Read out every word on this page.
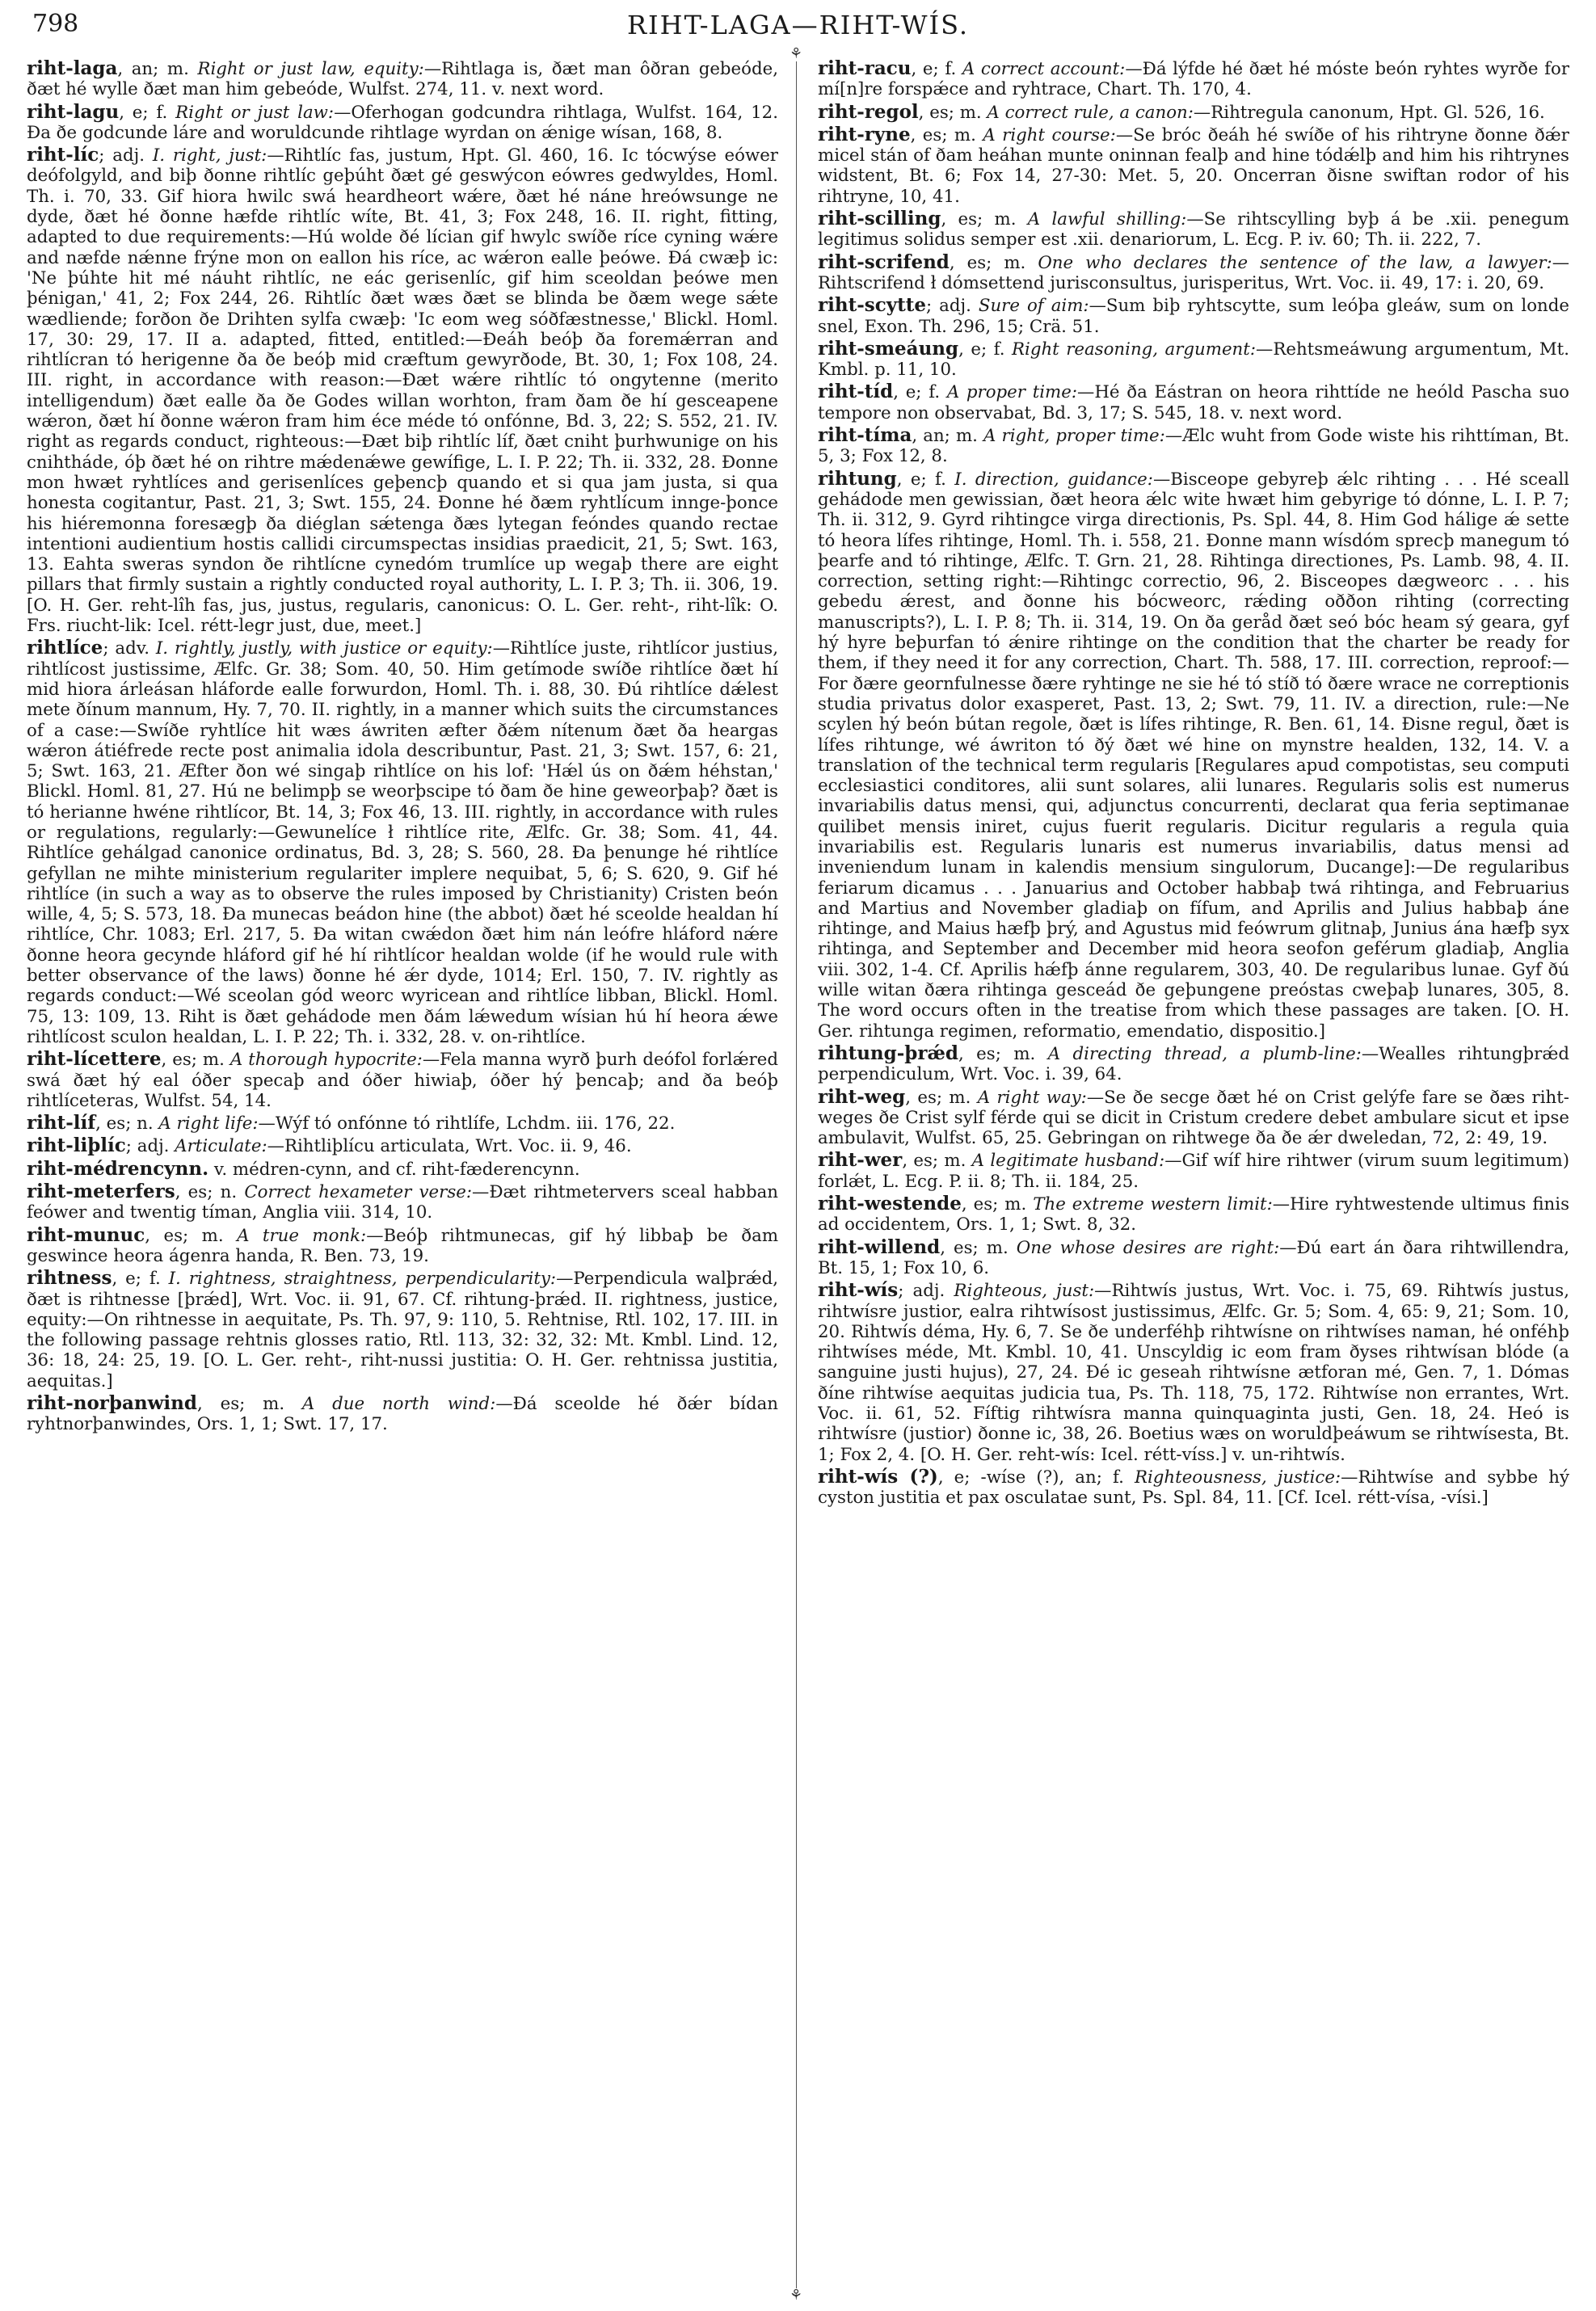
798	RIHT-LAGA—RIHT-WÍS.
⚘
⚘
riht-laga, an; m. Right or just law, equity:—Rihtlaga is, ðæt man ôðran gebeóde, ðæt hé wylle ðæt man him gebeóde, Wulfst. 274, 11. v. next word.
riht-lagu, e; f. Right or just law:—Oferhogan godcundra rihtlaga, Wulfst. 164, 12. Ða ðe godcunde láre and woruldcunde rihtlage wyrdan on ǽnige wísan, 168, 8.
riht-líc; adj. I. right, just:—Rihtlíc fas, justum, Hpt. Gl. 460, 16. Ic tócwýse eówer deófolgyld, and biþ ðonne rihtlíc geþúht ðæt gé geswýcon eówres gedwyldes, Homl. Th. i. 70, 33. Gif hiora hwilc swá heardheort wǽre, ðæt hé náne hreówsunge ne dyde, ðæt hé ðonne hæfde rihtlíc wíte, Bt. 41, 3; Fox 248, 16. II. right, fitting, adapted to due requirements:—Hú wolde ðé lícian gif hwylc swíðe ríce cyning wǽre and næfde nǽnne frýne mon on eallon his ríce, ac wǽron ealle þeówe. Ðá cwæþ ic: 'Ne þúhte hit mé náuht rihtlíc, ne eác gerisenlíc, gif him sceoldan þeówe men þénigan,' 41, 2; Fox 244, 26. Rihtlíc ðæt wæs ðæt se blinda be ðæm wege sǽte wædliende; forðon ðe Drihten sylfa cwæþ: 'Ic eom weg sóðfæstnesse,' Blickl. Homl. 17, 30: 29, 17. II a. adapted, fitted, entitled:—Ðeáh beóþ ða foremǽrran and rihtlícran tó herigenne ða ðe beóþ mid cræftum gewyrðode, Bt. 30, 1; Fox 108, 24. III. right, in accordance with reason:—Ðæt wǽre rihtlíc tó ongytenne (merito intelligendum) ðæt ealle ða ðe Godes willan worhton, fram ðam ðe hí gesceapene wǽron, ðæt hí ðonne wǽron fram him éce méde tó onfónne, Bd. 3, 22; S. 552, 21. IV. right as regards conduct, righteous:—Ðæt biþ rihtlíc líf, ðæt cniht þurhwunige on his cnihthádе, óþ ðæt hé on rihtre mǽdenǽwe gewífige, L. I. P. 22; Th. ii. 332, 28. Ðonne mon hwæt ryhtlíces and gerisenlíces geþencþ quando et si qua jam justa, si qua honesta cogitantur, Past. 21, 3; Swt. 155, 24. Ðonne hé ðæm ryhtlícum innge-þonce his hiéremonna foresægþ ða diéglan sǽtenga ðæs lytegan feóndes quando rectae intentioni audientium hostis callidi circumspectas insidias praedicit, 21, 5; Swt. 163, 13. Eahta sweras syndon ðe rihtlícne cynedóm trumlíce up wegaþ there are eight pillars that firmly sustain a rightly conducted royal authority, L. I. P. 3; Th. ii. 306, 19. [O. H. Ger. reht-lîh fas, jus, justus, regularis, canonicus: O. L. Ger. reht-, riht-lîk: O. Frs. riucht-lik: Icel. rétt-legr just, due, meet.]
rihtlíce; adv. I. rightly, justly, with justice or equity:—Rihtlíce juste, rihtlícor justius, rihtlícost justissime, Ælfc. Gr. 38; Som. 40, 50. Him getímode swíðe rihtlíce ðæt hí mid hiora árleásan hláforde ealle forwurdon, Homl. Th. i. 88, 30. Ðú rihtlíce dǽlest mete ðínum mannum, Hy. 7, 70. II. rightly, in a manner which suits the circumstances of a case:—Swíðe ryhtlíce hit wæs áwriten æfter ðǽm nítenum ðæt ða heargas wǽron átiéfrede recte post animalia idola describuntur, Past. 21, 3; Swt. 157, 6: 21, 5; Swt. 163, 21. Æfter ðon wé singaþ rihtlíce on his lof: 'Hǽl ús on ðǽm héhstan,' Blickl. Homl. 81, 27. Hú ne belimpþ se weorþscipe tó ðam ðe hine geweorþaþ? ðæt is tó herianne hwéne rihtlícor, Bt. 14, 3; Fox 46, 13. III. rightly, in accordance with rules or regulations, regularly:—Gewunelíce ł rihtlíce rite, Ælfc. Gr. 38; Som. 41, 44. Rihtlíce gehálgad canonice ordinatus, Bd. 3, 28; S. 560, 28. Ða þenunge hé rihtlíce gefyllan ne mihte ministerium regulariter implere nequibat, 5, 6; S. 620, 9. Gif hé rihtlíce (in such a way as to observe the rules imposed by Christianity) Cristen beón wille, 4, 5; S. 573, 18. Ða munecas beádon hine (the abbot) ðæt hé sceolde healdan hí rihtlíce, Chr. 1083; Erl. 217, 5. Ða witan cwǽdon ðæt him nán leófre hláford nǽre ðonne heora gecynde hláford gif hé hí rihtlícor healdan wolde (if he would rule with better observance of the laws) ðonne hé ǽr dyde, 1014; Erl. 150, 7. IV. rightly as regards conduct:—Wé sceolan gód weorc wyricean and rihtlíce libban, Blickl. Homl. 75, 13: 109, 13. Riht is ðæt gehádode men ðám lǽwedum wísian hú hí heora ǽwe rihtlícost sculon healdan, L. I. P. 22; Th. i. 332, 28. v. on-rihtlíce.
riht-lícettere, es; m. A thorough hypocrite:—Fela manna wyrð þurh deófol forlǽred swá ðæt hý eal óðer specaþ and óðer hiwiaþ, óðer hý þencaþ; and ða beóþ rihtlíceteras, Wulfst. 54, 14.
riht-líf, es; n. A right life:—Wýf tó onfónne tó rihtlífe, Lchdm. iii. 176, 22.
riht-liþlíc; adj. Articulate:—Rihtliþlícu articulata, Wrt. Voc. ii. 9, 46.
riht-médrencynn. v. médren-cynn, and cf. riht-fæderencynn.
riht-meterfers, es; n. Correct hexameter verse:—Ðæt rihtmetervers sceal habban feówer and twentig tíman, Anglia viii. 314, 10.
riht-munuc, es; m. A true monk:—Beóþ rihtmunecas, gif hý libbaþ be ðam geswince heora ágenra handa, R. Ben. 73, 19.
rihtness, e; f. I. rightness, straightness, perpendicularity:—Perpendicula walþrǽd, ðæt is rihtnesse [þrǽd], Wrt. Voc. ii. 91, 67. Cf. rihtung-þrǽd. II. rightness, justice, equity:—On rihtnesse in aequitate, Ps. Th. 97, 9: 110, 5. Rehtnise, Rtl. 102, 17. III. in the following passage rehtnis glosses ratio, Rtl. 113, 32: 32, 32: Mt. Kmbl. Lind. 12, 36: 18, 24: 25, 19. [O. L. Ger. reht-, riht-nussi justitia: O. H. Ger. rehtnissa justitia, aequitas.]
riht-norþanwind, es; m. A due north wind:—Ðá sceolde hé ðǽr bídan ryhtnorþanwindes, Ors. 1, 1; Swt. 17, 17.
riht-racu, e; f. A correct account:—Ðá lýfde hé ðæt hé móste beón ryhtes wyrðe for mí[n]re forspǽce and ryhtrace, Chart. Th. 170, 4.
riht-regol, es; m. A correct rule, a canon:—Rihtregula canonum, Hpt. Gl. 526, 16.
riht-ryne, es; m. A right course:—Se bróc ðeáh hé swíðe of his rihtryne ðonne ðǽr micel stán of ðam heáhan munte oninnan fealþ and hine tódǽlþ and him his rihtrynes widstent, Bt. 6; Fox 14, 27-30: Met. 5, 20. Oncerran ðisne swiftan rodor of his rihtryne, 10, 41.
riht-scilling, es; m. A lawful shilling:—Se rihtscylling byþ á be .xii. penegum legitimus solidus semper est .xii. denariorum, L. Ecg. P. iv. 60; Th. ii. 222, 7.
riht-scrifend, es; m. One who declares the sentence of the law, a lawyer:—Rihtscrifend ł dómsettend jurisconsultus, jurisperitus, Wrt. Voc. ii. 49, 17: i. 20, 69.
riht-scytte; adj. Sure of aim:—Sum biþ ryhtscytte, sum leóþa gleáw, sum on londe snel, Exon. Th. 296, 15; Crä. 51.
riht-smeáung, e; f. Right reasoning, argument:—Rehtsmeáwung argumentum, Mt. Kmbl. p. 11, 10.
riht-tíd, e; f. A proper time:—Hé ða Eástran on heora rihttíde ne heóld Pascha suo tempore non observabat, Bd. 3, 17; S. 545, 18. v. next word.
riht-tíma, an; m. A right, proper time:—Ælc wuht from Gode wiste his rihttíman, Bt. 5, 3; Fox 12, 8.
rihtung, e; f. I. direction, guidance:—Bisceope gebyreþ ǽlc rihting . . . Hé sceall gehádode men gewissian, ðæt heora ǽlc wite hwæt him gebyrige tó dónne, L. I. P. 7; Th. ii. 312, 9. Gyrd rihtingce virga directionis, Ps. Spl. 44, 8. Him God hálige ǽ sette tó heora lífes rihtinge, Homl. Th. i. 558, 21. Ðonne mann wísdóm sprecþ manegum tó þearfe and tó rihtinge, Ælfc. T. Grn. 21, 28. Rihtinga directiones, Ps. Lamb. 98, 4. II. correction, setting right:—Rihtingc correctio, 96, 2. Bisceopes dægweorc . . . his gebedu ǽrest, and ðonne his bócweorc, rǽding oððon rihting (correcting manuscripts?), L. I. P. 8; Th. ii. 314, 19. On ða geråd ðæt seó bóc heam sý geara, gyf hý hyre beþurfan tó ǽnire rihtinge on the condition that the charter be ready for them, if they need it for any correction, Chart. Th. 588, 17. III. correction, reproof:—For ðære geornfulnesse ðære ryhtinge ne sie hé tó stíð tó ðære wrace ne correptionis studia privatus dolor exasperet, Past. 13, 2; Swt. 79, 11. IV. a direction, rule:—Ne scylen hý beón bútan regole, ðæt is lífes rihtinge, R. Ben. 61, 14. Ðisne regul, ðæt is lífes rihtunge, wé áwriton tó ðý ðæt wé hine on mynstre healden, 132, 14. V. a translation of the technical term regularis [Regulares apud compotistas, seu computi ecclesiastici conditores, alii sunt solares, alii lunares. Regularis solis est numerus invariabilis datus mensi, qui, adjunctus concurrenti, declarat qua feria septimanae quilibet mensis iniret, cujus fuerit regularis. Dicitur regularis a regula quia invariabilis est. Regularis lunaris est numerus invariabilis, datus mensi ad inveniendum lunam in kalendis mensium singulorum, Ducange]:—De regularibus feriarum dicamus . . . Januarius and October habbaþ twá rihtinga, and Februarius and Martius and November gladiaþ on fífum, and Aprilis and Julius habbaþ áne rihtinge, and Maius hæfþ þrý, and Agustus mid feówrum glitnaþ, Junius ána hæfþ syx rihtinga, and September and December mid heora seofon geférum gladiaþ, Anglia viii. 302, 1-4. Cf. Aprilis hǽfþ ánne regularem, 303, 40. De regularibus lunae. Gyf ðú wille witan ðæra rihtinga gesceád ðe geþungene preóstas cweþaþ lunares, 305, 8. The word occurs often in the treatise from which these passages are taken. [O. H. Ger. rihtunga regimen, reformatio, emendatio, dispositio.]
rihtung-þrǽd, es; m. A directing thread, a plumb-line:—Wealles rihtungþrǽd perpendiculum, Wrt. Voc. i. 39, 64.
riht-weg, es; m. A right way:—Se ðe secge ðæt hé on Crist gelýfe fare se ðæs riht-weges ðe Crist sylf férde qui se dicit in Cristum credere debet ambulare sicut et ipse ambulavit, Wulfst. 65, 25. Gebringan on rihtwege ða ðe ǽr dweledan, 72, 2: 49, 19.
riht-wer, es; m. A legitimate husband:—Gif wíf hire rihtwer (virum suum legitimum) forlǽt, L. Ecg. P. ii. 8; Th. ii. 184, 25.
riht-westende, es; m. The extreme western limit:—Hire ryhtwestende ultimus finis ad occidentem, Ors. 1, 1; Swt. 8, 32.
riht-willend, es; m. One whose desires are right:—Ðú eart án ðara rihtwillendra, Bt. 15, 1; Fox 10, 6.
riht-wís; adj. Righteous, just:—Rihtwís justus, Wrt. Voc. i. 75, 69. Rihtwís justus, rihtwísre justior, ealra rihtwísost justissimus, Ælfc. Gr. 5; Som. 4, 65: 9, 21; Som. 10, 20. Rihtwís déma, Hy. 6, 7. Se ðe underféhþ rihtwísne on rihtwíses naman, hé onféhþ rihtwíses méde, Mt. Kmbl. 10, 41. Unscyldig ic eom fram ðyses rihtwísan blóde (a sanguine justi hujus), 27, 24. Ðé ic geseah rihtwísne ætforan mé, Gen. 7, 1. Dómas ðíne rihtwíse aequitas judicia tua, Ps. Th. 118, 75, 172. Rihtwíse non errantes, Wrt. Voc. ii. 61, 52. Fíftig rihtwísra manna quinquaginta justi, Gen. 18, 24. Heó is rihtwísre (justior) ðonne ic, 38, 26. Boetius wæs on woruldþeáwum se rihtwísesta, Bt. 1; Fox 2, 4. [O. H. Ger. reht-wís: Icel. rétt-víss.] v. un-rihtwís.
riht-wís (?), e; -wíse (?), an; f. Righteousness, justice:—Rihtwíse and sybbe hý cyston justitia et pax osculatae sunt, Ps. Spl. 84, 11. [Cf. Icel. rétt-vísa, -vísi.]
